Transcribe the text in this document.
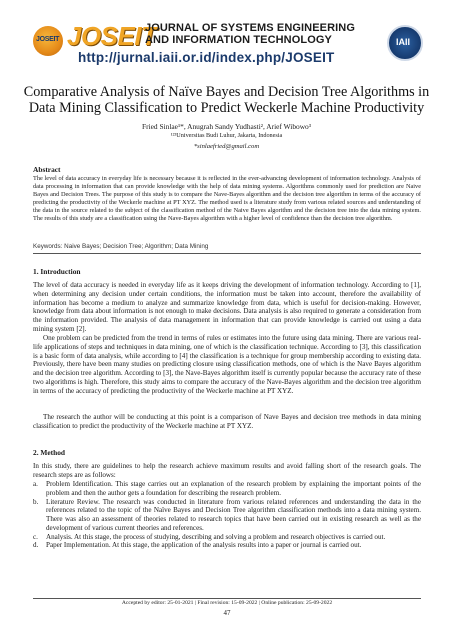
JOSEIT JOSEIT
JOURNAL OF SYSTEMS ENGINEERING
AND INFORMATION TECHNOLOGY
http://jurnal.iaii.or.id/index.php/JOSEIT
IAII
Comparative Analysis of Naïve Bayes and Decision Tree Algorithms in
Data Mining Classification to Predict Weckerle Machine Productivity
Fried Sinlae¹*, Anugrah Sandy Yudhasti², Arief Wibowo³
¹²³Universitas Budi Luhur, Jakarta, Indonesia
*sinlaefried@gmail.com
Abstract
The level of data accuracy in everyday life is necessary because it is reflected in the ever-advancing development of information technology. Analysis of data processing in information that can provide knowledge with the help of data mining systems. Algorithms commonly used for prediction are Naive Bayes and Decision Trees. The purpose of this study is to compare the Nave-Bayes algorithm and the decision tree algorithm in terms of the accuracy of predicting the productivity of the Weckerle machine at PT XYZ. The method used is a literature study from various related sources and understanding of the data in the source related to the subject of the classification method of the Naive Bayes algorithm and the decision tree into the data mining system. The results of this study are a classification using the Nave-Bayes algorithm with a higher level of confidence than the decision tree algorithm.
Keywords: Naive Bayes; Decision Tree; Algorithm; Data Mining
1. Introduction
The level of data accuracy is needed in everyday life as it keeps driving the development of information technology. According to [1], when determining any decision under certain conditions, the information must be taken into account, therefore the availability of information has become a medium to analyze and summarize knowledge from data, which is useful for decision-making. However, knowledge from data about information is not enough to make decisions. Data analysis is also required to generate a consideration from the information provided. The analysis of data management in information that can provide knowledge is carried out using a data mining system [2].
One problem can be predicted from the trend in terms of rules or estimates into the future using data mining. There are various real-life applications of steps and techniques in data mining, one of which is the classification technique. According to [3], this classification is a basic form of data analysis, while according to [4] the classification is a technique for group membership according to existing data. Previously, there have been many studies on predicting closure using classification methods, one of which is the Nave Bayes algorithm and the decision tree algorithm. According to [3], the Nave-Bayes algorithm itself is currently popular because the accuracy rate of these two algorithms is high. Therefore, this study aims to compare the accuracy of the Nave-Bayes algorithm and the decision tree algorithm in terms of the accuracy of predicting the productivity of the Weckerle machine at PT XYZ.
The research the author will be conducting at this point is a comparison of Nave Bayes and decision tree methods in data mining classification to predict the productivity of the Weckerle machine at PT XYZ.
2. Method
In this study, there are guidelines to help the research achieve maximum results and avoid falling short of the research goals. The research steps are as follows:
a. Problem Identification. This stage carries out an explanation of the research problem by explaining the important points of the problem and then the author gets a foundation for describing the research problem.
b. Literature Review. The research was conducted in literature from various related references and understanding the data in the references related to the topic of the Naïve Bayes and Decision Tree algorithm classification methods into a data mining system. There was also an assessment of theories related to research topics that have been carried out in existing research as well as the development of various current theories and references.
c. Analysis. At this stage, the process of studying, describing and solving a problem and research objectives is carried out.
d. Paper Implementation. At this stage, the application of the analysis results into a paper or journal is carried out.
Accepted by editor: 25-01-2021 | Final revision: 15-09-2022 | Online publication: 25-09-2022
47
